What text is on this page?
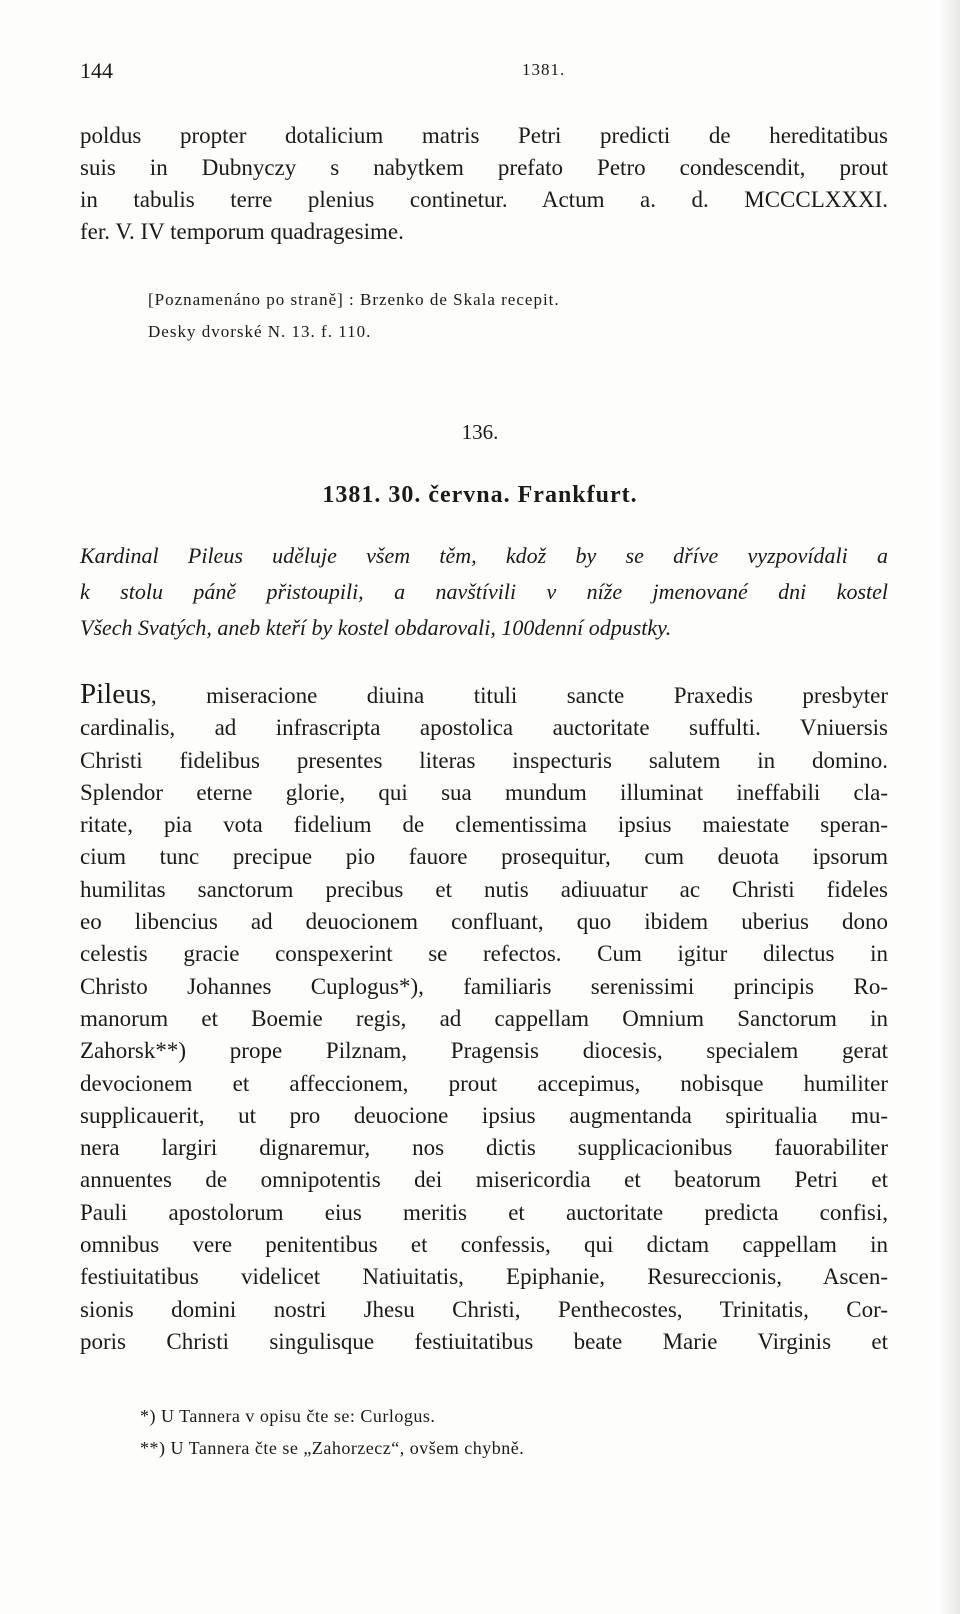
144	1381.
poldus propter dotalicium matris Petri predicti de hereditatibus
suis in Dubnyczy s nabytkem prefato Petro condescendit, prout
in tabulis terre plenius continetur. Actum a. d. MCCCLXXXI.
fer. V. IV temporum quadragesime.
[Poznamenáno po straně] : Brzenko de Skala recepit.
Desky dvorské N. 13. f. 110.
136.
1381. 30. června. Frankfurt.
Kardinal Pileus uděluje všem těm, kdož by se dříve vyzpovídali a
k stolu páně přistoupili, a navštívili v níže jmenované dni kostel
Všech Svatých, aneb kteří by kostel obdarovali, 100denní odpustky.
Pileus, miseracione diuina tituli sancte Praxedis presbyter
cardinalis, ad infrascripta apostolica auctoritate suffulti. Vniuersis
Christi fidelibus presentes literas inspecturis salutem in domino.
Splendor eterne glorie, qui sua mundum illuminat ineffabili cla-
ritate, pia vota fidelium de clementissima ipsius maiestate speran-
cium tunc precipue pio fauore prosequitur, cum deuota ipsorum
humilitas sanctorum precibus et nutis adiuuatur ac Christi fideles
eo libencius ad deuocionem confluant, quo ibidem uberius dono
celestis gracie conspexerint se refectos. Cum igitur dilectus in
Christo Johannes Cuplogus*), familiaris serenissimi principis Ro-
manorum et Boemie regis, ad cappellam Omnium Sanctorum in
Zahorsk**) prope Pilznam, Pragensis diocesis, specialem gerat
devocionem et affeccionem, prout accepimus, nobisque humiliter
supplicauerit, ut pro deuocione ipsius augmentanda spiritualia mu-
nera largiri dignaremur, nos dictis supplicacionibus fauorabiliter
annuentes de omnipotentis dei misericordia et beatorum Petri et
Pauli apostolorum eius meritis et auctoritate predicta confisi,
omnibus vere penitentibus et confessis, qui dictam cappellam in
festiuitatibus videlicet Natiuitatis, Epiphanie, Resureccionis, Ascen-
sionis domini nostri Jhesu Christi, Penthecostes, Trinitatis, Cor-
poris Christi singulisque festiuitatibus beate Marie Virginis et
*) U Tannera v opisu čte se: Curlogus.
**) U Tannera čte se „Zahorzecz“, ovšem chybně.
